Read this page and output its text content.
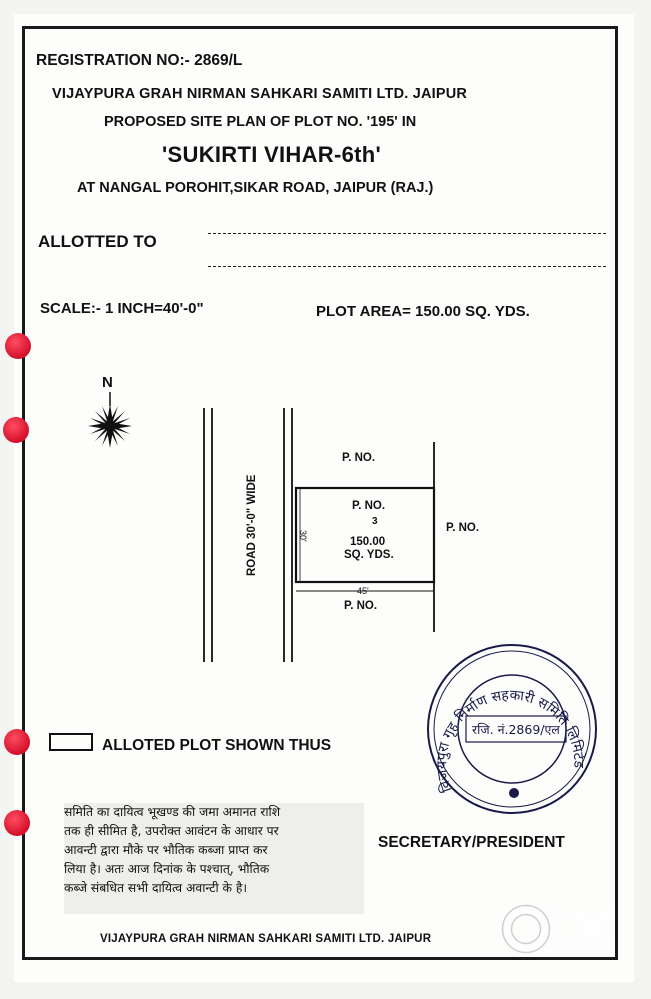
REGISTRATION NO:- 2869/L
VIJAYPURA GRAH NIRMAN SAHKARI SAMITI LTD. JAIPUR
PROPOSED SITE PLAN OF PLOT NO. '195' IN
'SUKIRTI VIHAR-6th'
AT NANGAL POROHIT,SIKAR ROAD, JAIPUR (RAJ.)
ALLOTTED TO
SCALE:- 1 INCH=40'-0"	PLOT AREA= 150.00 SQ. YDS.
N
ROAD 30'-0" WIDE
P. NO.
P. NO.
3
150.00
SQ. YDS.
P. NO.
P. NO.
30'
45'
विजयपुरा गृह निर्माण सहकारी समिति लिमिटेड
रजि. नं.2869/एल
ALLOTED PLOT SHOWN THUS
समिति का दायित्व भूखण्ड की जमा अमानत राशि
तक ही सीमित है, उपरोक्त आवंटन के आधार पर
आवन्टी द्वारा मौके पर भौतिक कब्जा प्राप्त कर
लिया है। अतः आज दिनांक के पश्चात्, भौतिक
कब्जे संबधित सभी दायित्व अवान्टी के है।
SECRETARY/PRESIDENT
VIJAYPURA GRAH NIRMAN SAHKARI SAMITI LTD. JAIPUR
